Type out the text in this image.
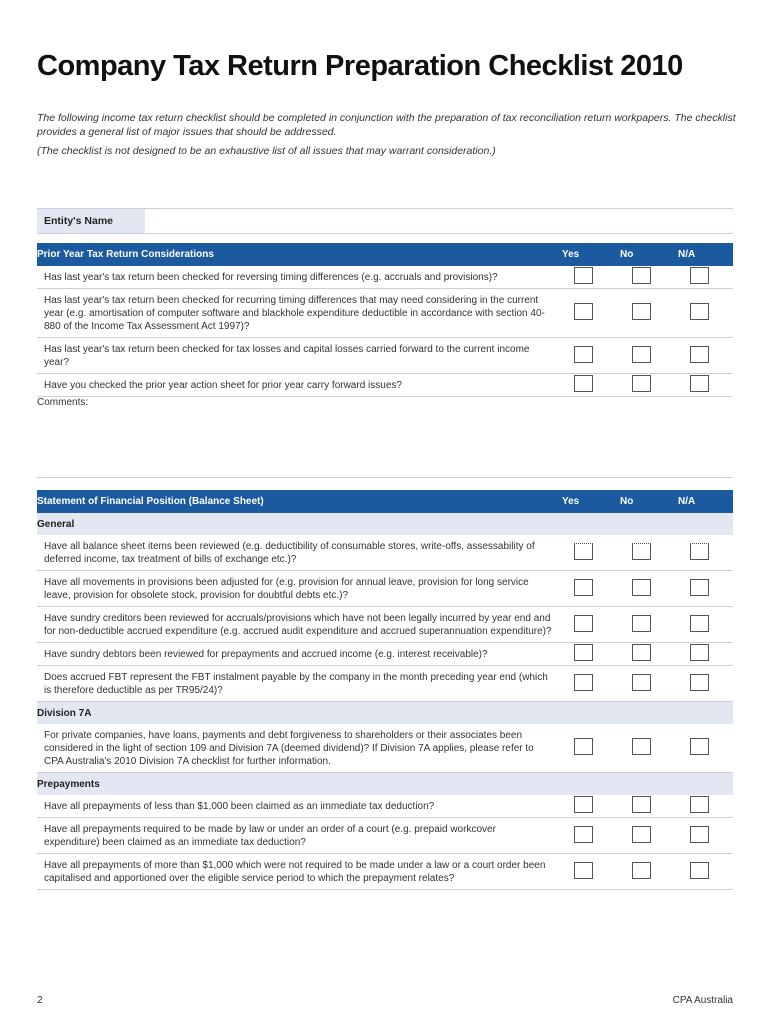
Company Tax Return Preparation Checklist 2010

The following income tax return checklist should be completed in conjunction with the preparation of tax reconciliation return workpapers. The checklist provides a general list of major issues that should be addressed.

(The checklist is not designed to be an exhaustive list of all issues that may warrant consideration.)

Entity's Name
Prior Year Tax Return Considerations	Yes	No	N/A
Has last year's tax return been checked for reversing timing differences (e.g. accruals and provisions)?			
Has last year's tax return been checked for recurring timing differences that may need considering in the current year (e.g. amortisation of computer software and blackhole expenditure deductible in accordance with section 40-880 of the Income Tax Assessment Act 1997)?			
Has last year's tax return been checked for tax losses and capital losses carried forward to the current income year?			
Have you checked the prior year action sheet for prior year carry forward issues?			
Comments:			
Statement of Financial Position (Balance Sheet)	Yes	No	N/A
General			
Have all balance sheet items been reviewed (e.g. deductibility of consumable stores, write-offs, assessability of deferred income, tax treatment of bills of exchange etc.)?			
Have all movements in provisions been adjusted for (e.g. provision for annual leave, provision for long service leave, provision for obsolete stock, provision for doubtful debts etc.)?			
Have sundry creditors been reviewed for accruals/provisions which have not been legally incurred by year end and for non-deductible accrued expenditure (e.g. accrued audit expenditure and accrued superannuation expenditure)?			
Have sundry debtors been reviewed for prepayments and accrued income (e.g. interest receivable)?			
Does accrued FBT represent the FBT instalment payable by the company in the month preceding year end (which is therefore deductible as per TR95/24)?			
Division 7A			
For private companies, have loans, payments and debt forgiveness to shareholders or their associates been considered in the light of section 109 and Division 7A (deemed dividend)? If Division 7A applies, please refer to CPA Australia's 2010 Division 7A checklist for further information.			
Prepayments			
Have all prepayments of less than $1,000 been claimed as an immediate tax deduction?			
Have all prepayments required to be made by law or under an order of a court (e.g. prepaid workcover expenditure) been claimed as an immediate tax deduction?			
Have all prepayments of more than $1,000 which were not required to be made under a law or a court order been capitalised and apportioned over the eligible service period to which the prepayment relates?			
2	CPA Australia
